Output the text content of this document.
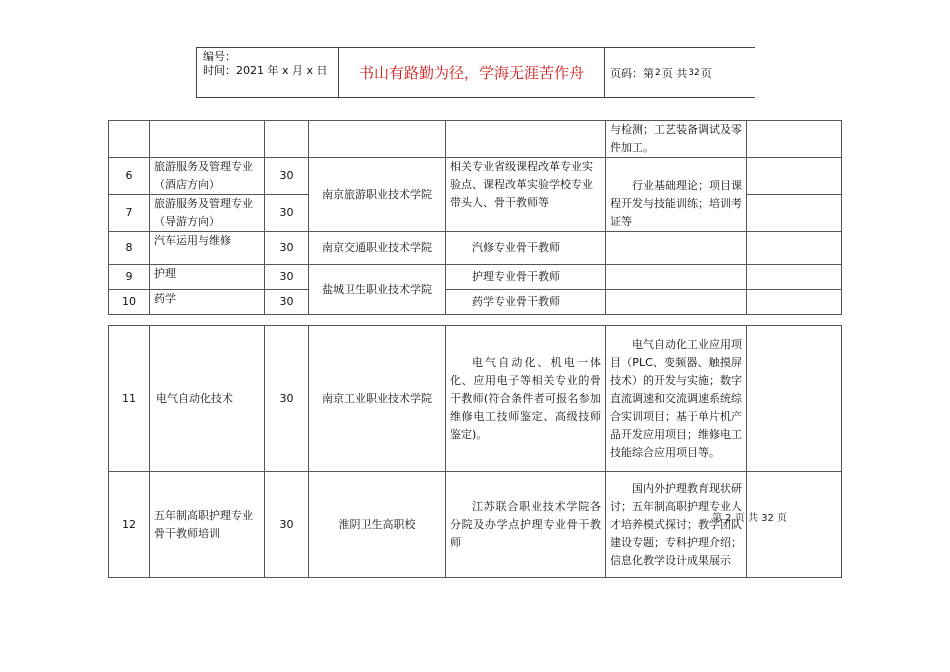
编号：
时间：2021 年 x 月 x 日	书山有路勤为径，学海无涯苦作舟	页码：第 2 页 共 32 页
					与检测；工艺装备调试及零件加工。	
6	旅游服务及管理专业（酒店方向）	30	南京旅游职业技术学院	相关专业省级课程改革专业实验点、课程改革实验学校专业带头人、骨干教师等	行业基础理论；项目课程开发与技能训练；培训考证等	
7	旅游服务及管理专业（导游方向）	30				
8	汽车运用与维修	30	南京交通职业技术学院	汽修专业骨干教师		
9	护理	30	盐城卫生职业技术学院	护理专业骨干教师		
10	药学	30		药学专业骨干教师		
11	电气自动化技术	30	南京工业职业技术学院	电气自动化、机电一体化、应用电子等相关专业的骨干教师(符合条件者可报名参加维修电工技师鉴定、高级技师鉴定)。	电气自动化工业应用项目（PLC、变频器、触摸屏技术）的开发与实施；数字直流调速和交流调速系统综合实训项目；基于单片机产品开发应用项目；维修电工技能综合应用项目等。	
12	五年制高职护理专业骨干教师培训	30	淮阴卫生高职校	江苏联合职业技术学院各分院及办学点护理专业骨干教师	国内外护理教育现状研讨；五年制高职护理专业人才培养模式探讨；教学团队建设专题；专科护理介绍；信息化教学设计成果展示	
第 2 页 共 32 页
